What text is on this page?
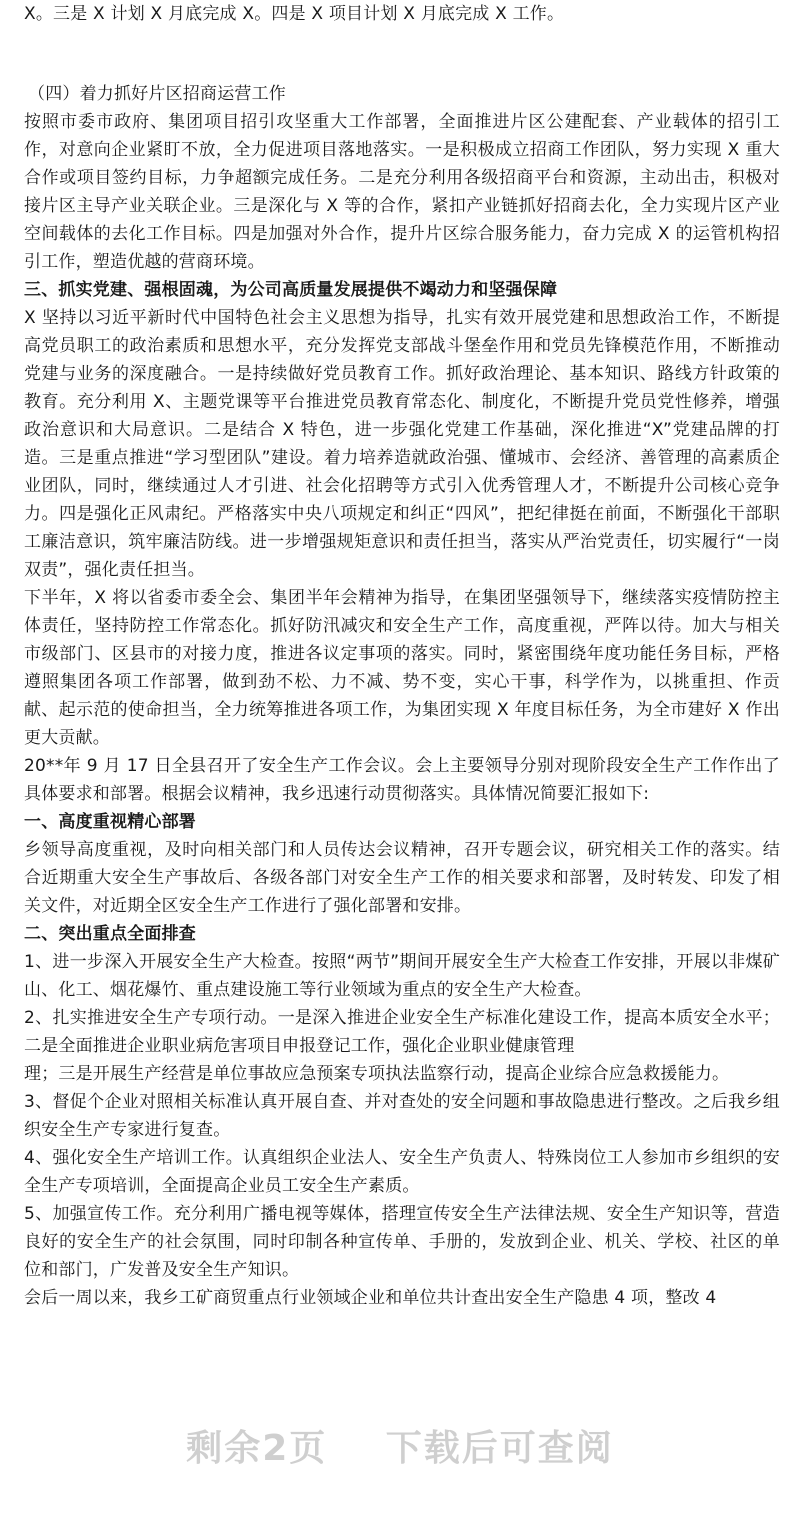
X。三是 X 计划 X 月底完成 X。四是 X 项目计划 X 月底完成 X 工作。

（四）着力抓好片区招商运营工作

按照市委市政府、集团项目招引攻坚重大工作部署，全面推进片区公建配套、产业载体的招引工作，对意向企业紧盯不放，全力促进项目落地落实。一是积极成立招商工作团队，努力实现 X 重大合作或项目签约目标，力争超额完成任务。二是充分利用各级招商平台和资源，主动出击，积极对接片区主导产业关联企业。三是深化与 X 等的合作，紧扣产业链抓好招商去化，全力实现片区产业空间载体的去化工作目标。四是加强对外合作，提升片区综合服务能力，奋力完成 X 的运管机构招引工作，塑造优越的营商环境。

三、抓实党建、强根固魂，为公司高质量发展提供不竭动力和坚强保障

X 坚持以习近平新时代中国特色社会主义思想为指导，扎实有效开展党建和思想政治工作，不断提高党员职工的政治素质和思想水平，充分发挥党支部战斗堡垒作用和党员先锋模范作用，不断推动党建与业务的深度融合。一是持续做好党员教育工作。抓好政治理论、基本知识、路线方针政策的教育。充分利用 X、主题党课等平台推进党员教育常态化、制度化，不断提升党员党性修养，增强政治意识和大局意识。二是结合 X 特色，进一步强化党建工作基础，深化推进“X”党建品牌的打造。三是重点推进“学习型团队”建设。着力培养造就政治强、懂城市、会经济、善管理的高素质企业团队，同时，继续通过人才引进、社会化招聘等方式引入优秀管理人才，不断提升公司核心竞争力。四是强化正风肃纪。严格落实中央八项规定和纠正“四风”，把纪律挺在前面，不断强化干部职工廉洁意识，筑牢廉洁防线。进一步增强规矩意识和责任担当，落实从严治党责任，切实履行“一岗双责”，强化责任担当。

下半年，X 将以省委市委全会、集团半年会精神为指导，在集团坚强领导下，继续落实疫情防控主体责任，坚持防控工作常态化。抓好防汛减灾和安全生产工作，高度重视，严阵以待。加大与相关市级部门、区县市的对接力度，推进各议定事项的落实。同时，紧密围绕年度功能任务目标，严格遵照集团各项工作部署，做到劲不松、力不减、势不变，实心干事，科学作为，以挑重担、作贡献、起示范的使命担当，全力统筹推进各项工作，为集团实现 X 年度目标任务，为全市建好 X 作出更大贡献。

20**年 9 月 17 日全县召开了安全生产工作会议。会上主要领导分别对现阶段安全生产工作作出了具体要求和部署。根据会议精神，我乡迅速行动贯彻落实。具体情况简要汇报如下:

一、高度重视精心部署

乡领导高度重视，及时向相关部门和人员传达会议精神，召开专题会议，研究相关工作的落实。结合近期重大安全生产事故后、各级各部门对安全生产工作的相关要求和部署，及时转发、印发了相关文件，对近期全区安全生产工作进行了强化部署和安排。

二、突出重点全面排查

1、进一步深入开展安全生产大检查。按照“两节”期间开展安全生产大检查工作安排，开展以非煤矿山、化工、烟花爆竹、重点建设施工等行业领域为重点的安全生产大检查。

2、扎实推进安全生产专项行动。一是深入推进企业安全生产标准化建设工作，提高本质安全水平；二是全面推进企业职业病危害项目申报登记工作，强化企业职业健康管理

理；三是开展生产经营是单位事故应急预案专项执法监察行动，提高企业综合应急救援能力。

3、督促个企业对照相关标准认真开展自查、并对查处的安全问题和事故隐患进行整改。之后我乡组织安全生产专家进行复查。

4、强化安全生产培训工作。认真组织企业法人、安全生产负责人、特殊岗位工人参加市乡组织的安全生产专项培训，全面提高企业员工安全生产素质。

5、加强宣传工作。充分利用广播电视等媒体，搭理宣传安全生产法律法规、安全生产知识等，营造良好的安全生产的社会氛围，同时印制各种宣传单、手册的，发放到企业、机关、学校、社区的单位和部门，广发普及安全生产知识。

会后一周以来，我乡工矿商贸重点行业领域企业和单位共计查出安全生产隐患 4 项，整改 4

剩余2页 下载后可查阅
